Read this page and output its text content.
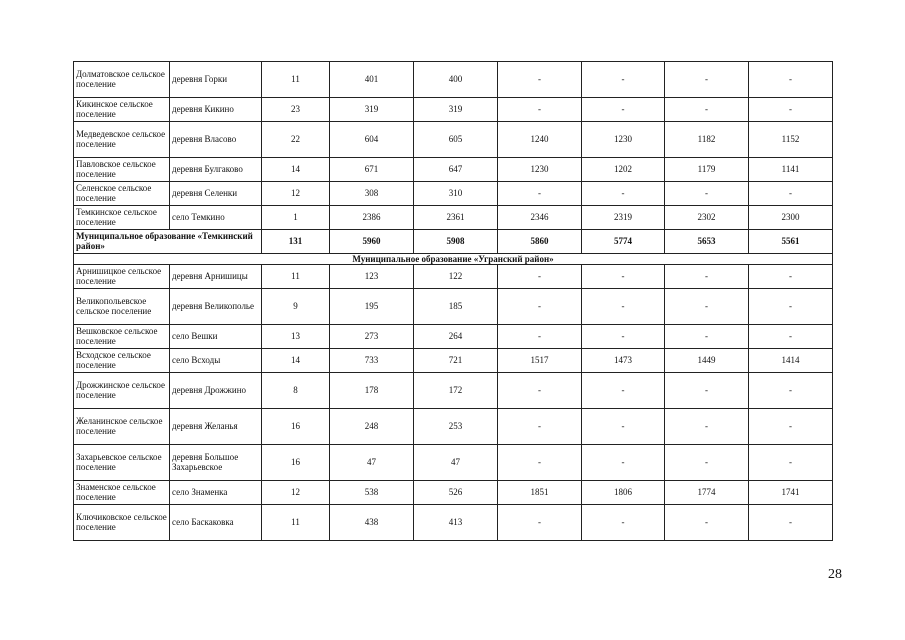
Долматовское сельское поселение	деревня Горки	11	401	400	-	-	-	-
Кикинское сельское поселение	деревня Кикино	23	319	319	-	-	-	-
Медведевское сельское поселение	деревня Власово	22	604	605	1240	1230	1182	1152
Павловское сельское поселение	деревня Булгаково	14	671	647	1230	1202	1179	1141
Селенское сельское поселение	деревня Селенки	12	308	310	-	-	-	-
Темкинское сельское поселение	село Темкино	1	2386	2361	2346	2319	2302	2300
Муниципальное образование «Темкинский район»		131	5960	5908	5860	5774	5653	5561
Муниципальное образование «Угранский район»								
Арнишицкое сельское поселение	деревня Арнишицы	11	123	122	-	-	-	-
Великопольевское сельское поселение	деревня Великополье	9	195	185	-	-	-	-
Вешковское сельское поселение	село Вешки	13	273	264	-	-	-	-
Всходское сельское поселение	село Всходы	14	733	721	1517	1473	1449	1414
Дрожжинское сельское поселение	деревня Дрожжино	8	178	172	-	-	-	-
Желанинское сельское поселение	деревня Желанья	16	248	253	-	-	-	-
Захарьевское сельское поселение	деревня Большое Захарьевское	16	47	47	-	-	-	-
Знаменское сельское поселение	село Знаменка	12	538	526	1851	1806	1774	1741
Ключиковское сельское поселение	село Баскаковка	11	438	413	-	-	-	-
28
